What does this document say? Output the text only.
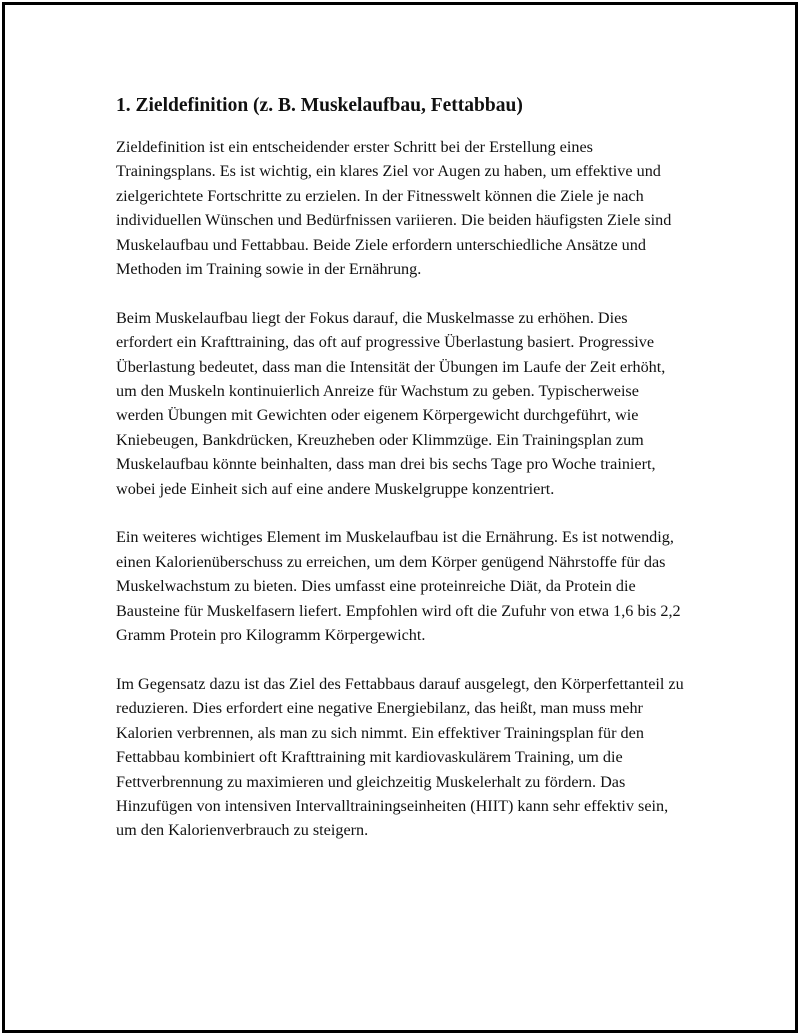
1. Zieldefinition (z. B. Muskelaufbau, Fettabbau)

Zieldefinition ist ein entscheidender erster Schritt bei der Erstellung eines Trainingsplans. Es ist wichtig, ein klares Ziel vor Augen zu haben, um effektive und zielgerichtete Fortschritte zu erzielen. In der Fitnesswelt können die Ziele je nach individuellen Wünschen und Bedürfnissen variieren. Die beiden häufigsten Ziele sind Muskelaufbau und Fettabbau. Beide Ziele erfordern unterschiedliche Ansätze und Methoden im Training sowie in der Ernährung.

Beim Muskelaufbau liegt der Fokus darauf, die Muskelmasse zu erhöhen. Dies erfordert ein Krafttraining, das oft auf progressive Überlastung basiert. Progressive Überlastung bedeutet, dass man die Intensität der Übungen im Laufe der Zeit erhöht, um den Muskeln kontinuierlich Anreize für Wachstum zu geben. Typischerweise werden Übungen mit Gewichten oder eigenem Körpergewicht durchgeführt, wie Kniebeugen, Bankdrücken, Kreuzheben oder Klimmzüge. Ein Trainingsplan zum Muskelaufbau könnte beinhalten, dass man drei bis sechs Tage pro Woche trainiert, wobei jede Einheit sich auf eine andere Muskelgruppe konzentriert.

Ein weiteres wichtiges Element im Muskelaufbau ist die Ernährung. Es ist notwendig, einen Kalorienüberschuss zu erreichen, um dem Körper genügend Nährstoffe für das Muskelwachstum zu bieten. Dies umfasst eine proteinreiche Diät, da Protein die Bausteine für Muskelfasern liefert. Empfohlen wird oft die Zufuhr von etwa 1,6 bis 2,2 Gramm Protein pro Kilogramm Körpergewicht.

Im Gegensatz dazu ist das Ziel des Fettabbaus darauf ausgelegt, den Körperfettanteil zu reduzieren. Dies erfordert eine negative Energiebilanz, das heißt, man muss mehr Kalorien verbrennen, als man zu sich nimmt. Ein effektiver Trainingsplan für den Fettabbau kombiniert oft Krafttraining mit kardiovaskulärem Training, um die Fettverbrennung zu maximieren und gleichzeitig Muskelerhalt zu fördern. Das Hinzufügen von intensiven Intervalltrainingseinheiten (HIIT) kann sehr effektiv sein, um den Kalorienverbrauch zu steigern.
